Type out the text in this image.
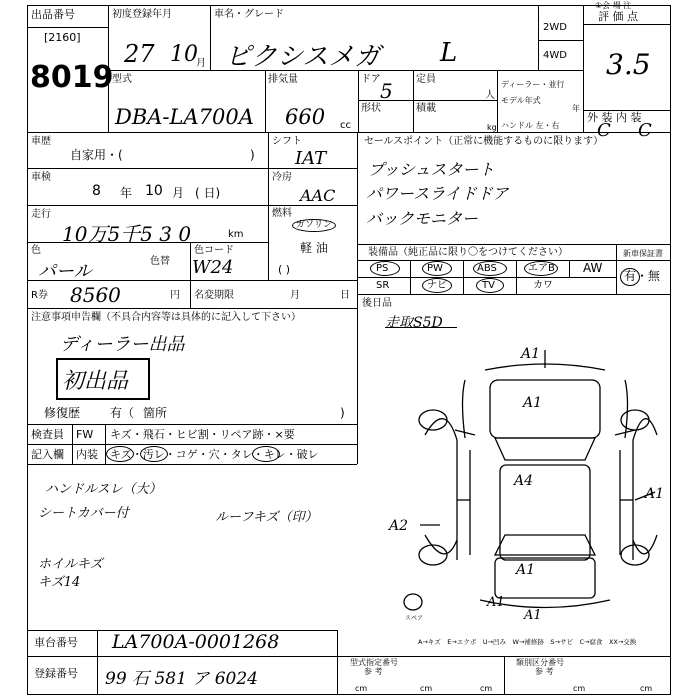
出品番号
[2160]
8019
初度登録年月
27 10
月
車名・グレード
ピクシスメガ L
2WD
4WD
①会 場 注
評 価 点
3.5
型式
DBA-LA700A
排気量
660 cc
ドア 5
形状
定員
人
積載
kg
ディーラー・並行
モデル年式
年
ハンドル 左・右
外 装 内 装
C C
車歴
自家用・(	)
シフト
IAT
車検
8 年 10 月 ( 日)
冷房
AAC
走行
10万5千5 3 0	km
燃料
ガソリン
軽 油
( )
色
パール	色替
色コード
W24
R券 8560	円 名変期限	月	日
セールスポイント（正常に機能するものに限ります）
プッシュスタート
パワースライドドア
バックモニター
装備品（純正品に限り〇をつけてください）
PS	PW	ABS	エアB AW
SR	ナビ	TV	カワ
新車保証書
有・無
注意事項申告欄（不具合内容等は具体的に記入して下さい）
ディーラー出品
初出品
修復歴 有（ 箇所	)
後日品
走取S5D
検査員 FW キズ・飛石・ヒビ割・リペア跡・×要
記入欄 内装 キズ・汚レ・コゲ・穴・タレ・キレ・破レ
ハンドルスレ（大）
シートカバー付	ルーフキズ（印）
ホイルキズ
キズ14
A1
A1
A4
A1
A2
A1
A1
A1
スペア
A→キズ　E→エクボ　U→凹み　W→補修跡　S→サビ　C→腐食　XX→交換
車台番号 LA700A-0001268
登録番号 99 石 581 ア 6024
型式指定番号
参 考
cm	cm	cm
類別区分番号
参 考
cm	cm
